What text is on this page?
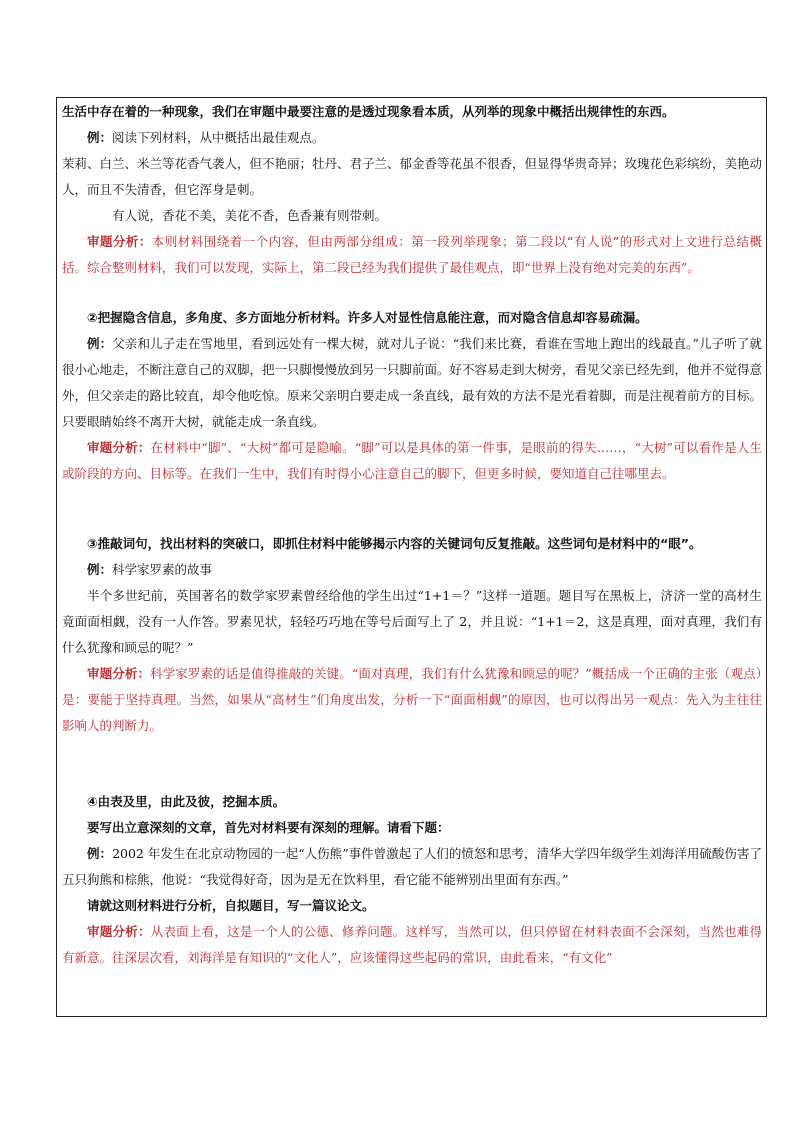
生活中存在着的一种现象，我们在审题中最要注意的是透过现象看本质，从列举的现象中概括出规律性的东西。

例：阅读下列材料，从中概括出最佳观点。

茉莉、白兰、米兰等花香气袭人，但不艳丽；牡丹、君子兰、郁金香等花虽不很香，但显得华贵奇异；玫瑰花色彩缤纷，美艳动人，而且不失清香，但它浑身是刺。

有人说，香花不美，美花不香，色香兼有则带刺。

审题分析：本则材料围绕着一个内容，但由两部分组成：第一段列举现象；第二段以“有人说”的形式对上文进行总结概括。综合整则材料，我们可以发现，实际上，第二段已经为我们提供了最佳观点，即“世界上没有绝对完美的东西”。

②把握隐含信息，多角度、多方面地分析材料。许多人对显性信息能注意，而对隐含信息却容易疏漏。

例：父亲和儿子走在雪地里，看到远处有一棵大树，就对儿子说：“我们来比赛，看谁在雪地上跑出的线最直。”儿子听了就很小心地走，不断注意自己的双脚，把一只脚慢慢放到另一只脚前面。好不容易走到大树旁，看见父亲已经先到，他并不觉得意外，但父亲走的路比较直，却令他吃惊。原来父亲明白要走成一条直线，最有效的方法不是光看着脚，而是注视着前方的目标。只要眼睛始终不离开大树，就能走成一条直线。

审题分析：在材料中“脚”、“大树”都可是隐喻。“脚”可以是具体的第一件事，是眼前的得失……，“大树”可以看作是人生或阶段的方向、目标等。在我们一生中，我们有时得小心注意自己的脚下，但更多时候，要知道自己往哪里去。

③推敲词句，找出材料的突破口，即抓住材料中能够揭示内容的关键词句反复推敲。这些词句是材料中的“眼”。

例：科学家罗素的故事

半个多世纪前，英国著名的数学家罗素曾经给他的学生出过“1+1＝？”这样一道题。题目写在黑板上，济济一堂的高材生竟面面相觑，没有一人作答。罗素见状，轻轻巧巧地在等号后面写上了 2，并且说：“1+1＝2，这是真理，面对真理，我们有什么犹豫和顾忌的呢？”

审题分析：科学家罗素的话是值得推敲的关键。“面对真理，我们有什么犹豫和顾忌的呢？”概括成一个正确的主张（观点）是：要能于坚持真理。当然，如果从“高材生”们角度出发，分析一下“面面相觑”的原因，也可以得出另一观点：先入为主往往影响人的判断力。

④由表及里，由此及彼，挖掘本质。

要写出立意深刻的文章，首先对材料要有深刻的理解。请看下题：

例：2002 年发生在北京动物园的一起“人伤熊”事件曾激起了人们的愤怒和思考，清华大学四年级学生刘海洋用硫酸伤害了五只狗熊和棕熊，他说：“我觉得好奇，因为是无在饮料里，看它能不能辨别出里面有东西。”

请就这则材料进行分析，自拟题目，写一篇议论文。

审题分析：从表面上看，这是一个人的公德、修养问题。这样写，当然可以，但只停留在材料表面不会深刻，当然也难得有新意。往深层次看，刘海洋是有知识的“文化人”，应该懂得这些起码的常识，由此看来，“有文化”
